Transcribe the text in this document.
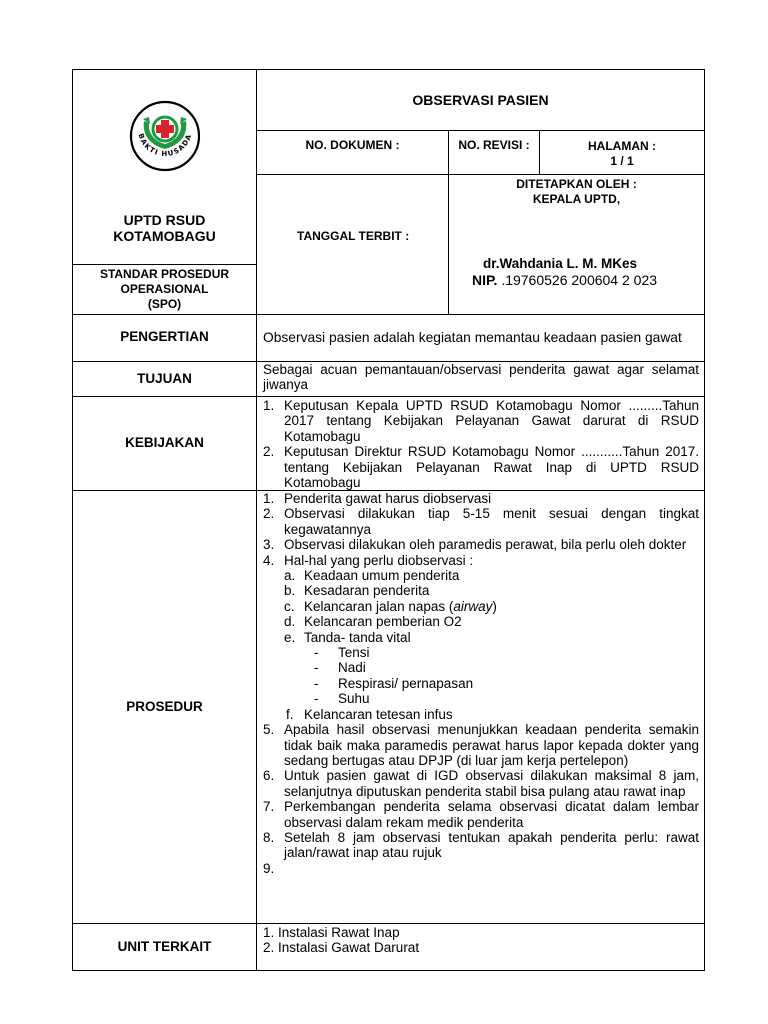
BAKTI HUSADA
UPTD RSUD
KOTAMOBAGU
STANDAR PROSEDUR
OPERASIONAL
(SPO)
OBSERVASI PASIEN
NO. DOKUMEN :	NO. REVISI :	HALAMAN :
1 / 1
TANGGAL TERBIT :
DITETAPKAN OLEH :
KEPALA UPTD,
dr.Wahdania L. M. MKes
NIP. .19760526 200604 2 023
PENGERTIAN
TUJUAN
KEBIJAKAN
PROSEDUR
UNIT TERKAIT
Observasi pasien adalah kegiatan memantau keadaan pasien gawat
Sebagai acuan pemantauan/observasi penderita gawat agar selamat jiwanya
1. Keputusan Kepala UPTD RSUD Kotamobagu Nomor .........Tahun 2017 tentang Kebijakan Pelayanan Gawat darurat di RSUD Kotamobagu
2. Keputusan Direktur RSUD Kotamobagu Nomor ...........Tahun 2017. tentang Kebijakan Pelayanan Rawat Inap di UPTD RSUD Kotamobagu
1. Penderita gawat harus diobservasi
2. Observasi dilakukan tiap 5-15 menit sesuai dengan tingkat kegawatannya
3. Observasi dilakukan oleh paramedis perawat, bila perlu oleh dokter
4. Hal-hal yang perlu diobservasi :
a. Keadaan umum penderita
b. Kesadaran penderita
c. Kelancaran jalan napas (airway)
d. Kelancaran pemberian O2
e. Tanda- tanda vital
- Tensi
- Nadi
- Respirasi/ pernapasan
- Suhu
f. Kelancaran tetesan infus
5. Apabila hasil observasi menunjukkan keadaan penderita semakin tidak baik maka paramedis perawat harus lapor kepada dokter yang sedang bertugas atau DPJP (di luar jam kerja pertelepon)
6. Untuk pasien gawat di IGD observasi dilakukan maksimal 8 jam, selanjutnya diputuskan penderita stabil bisa pulang atau rawat inap
7. Perkembangan penderita selama observasi dicatat dalam lembar observasi dalam rekam medik penderita
8. Setelah 8 jam observasi tentukan apakah penderita perlu: rawat jalan/rawat inap atau rujuk
9.
1. Instalasi Rawat Inap
2. Instalasi Gawat Darurat
